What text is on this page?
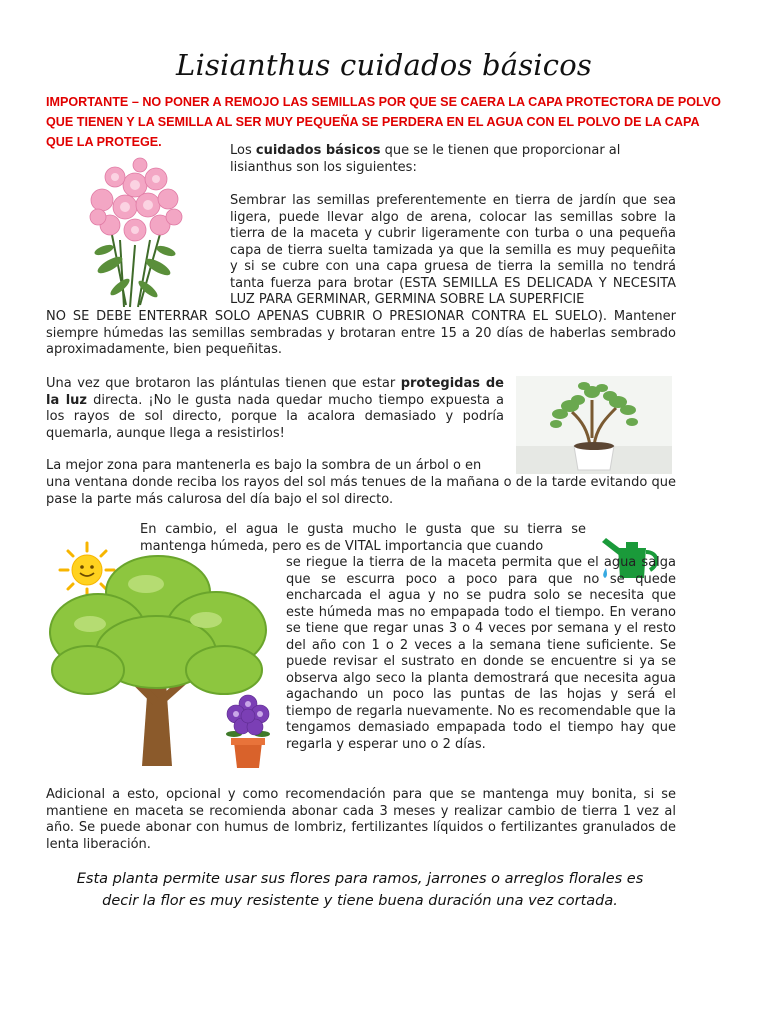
Lisianthus cuidados básicos
IMPORTANTE – NO PONER A REMOJO LAS SEMILLAS POR QUE SE CAERA LA CAPA PROTECTORA DE POLVO QUE TIENEN Y LA SEMILLA AL SER MUY PEQUEÑA SE PERDERA EN EL AGUA CON EL POLVO DE LA CAPA QUE LA PROTEGE.
Los cuidados básicos que se le tienen que proporcionar al lisianthus son los siguientes:
Sembrar las semillas preferentemente en tierra de jardín que sea ligera, puede llevar algo de arena, colocar las semillas sobre la tierra de la maceta y cubrir ligeramente con turba o una pequeña capa de tierra suelta tamizada ya que la semilla es muy pequeñita y si se cubre con una capa gruesa de tierra la semilla no tendrá tanta fuerza para brotar (ESTA SEMILLA ES DELICADA Y NECESITA LUZ PARA GERMINAR, GERMINA SOBRE LA SUPERFICIE
NO SE DEBE ENTERRAR SOLO APENAS CUBRIR O PRESIONAR CONTRA EL SUELO). Mantener siempre húmedas las semillas sembradas y brotaran entre 15 a 20 días de haberlas sembrado aproximadamente, bien pequeñitas.
Una vez que brotaron las plántulas tienen que estar protegidas de la luz directa. ¡No le gusta nada quedar mucho tiempo expuesta a los rayos de sol directo, porque la acalora demasiado y podría quemarla, aunque llega a resistirlos!
La mejor zona para mantenerla es bajo la sombra de un árbol o en
una ventana donde reciba los rayos del sol más tenues de la mañana o de la tarde evitando que pase la parte más calurosa del día bajo el sol directo.
En cambio, el agua le gusta mucho le gusta que su tierra se mantenga húmeda, pero es de VITAL importancia que cuando
se riegue la tierra de la maceta permita que el agua salga que se escurra poco a poco para que no se quede encharcada el agua y no se pudra solo se necesita que este húmeda mas no empapada todo el tiempo. En verano se tiene que regar unas 3 o 4 veces por semana y el resto del año con 1 o 2 veces a la semana tiene suficiente. Se puede revisar el sustrato en donde se encuentre si ya se observa algo seco la planta demostrará que necesita agua agachando un poco las puntas de las hojas y será el tiempo de regarla nuevamente. No es recomendable que la tengamos demasiado empapada todo el tiempo hay que regarla y esperar uno o 2 días.
Adicional a esto, opcional y como recomendación para que se mantenga muy bonita, si se mantiene en maceta se recomienda abonar cada 3 meses y realizar cambio de tierra 1 vez al año. Se puede abonar con humus de lombriz, fertilizantes líquidos o fertilizantes granulados de lenta liberación.
Esta planta permite usar sus flores para ramos, jarrones o arreglos florales es decir la flor es muy resistente y tiene buena duración una vez cortada.
